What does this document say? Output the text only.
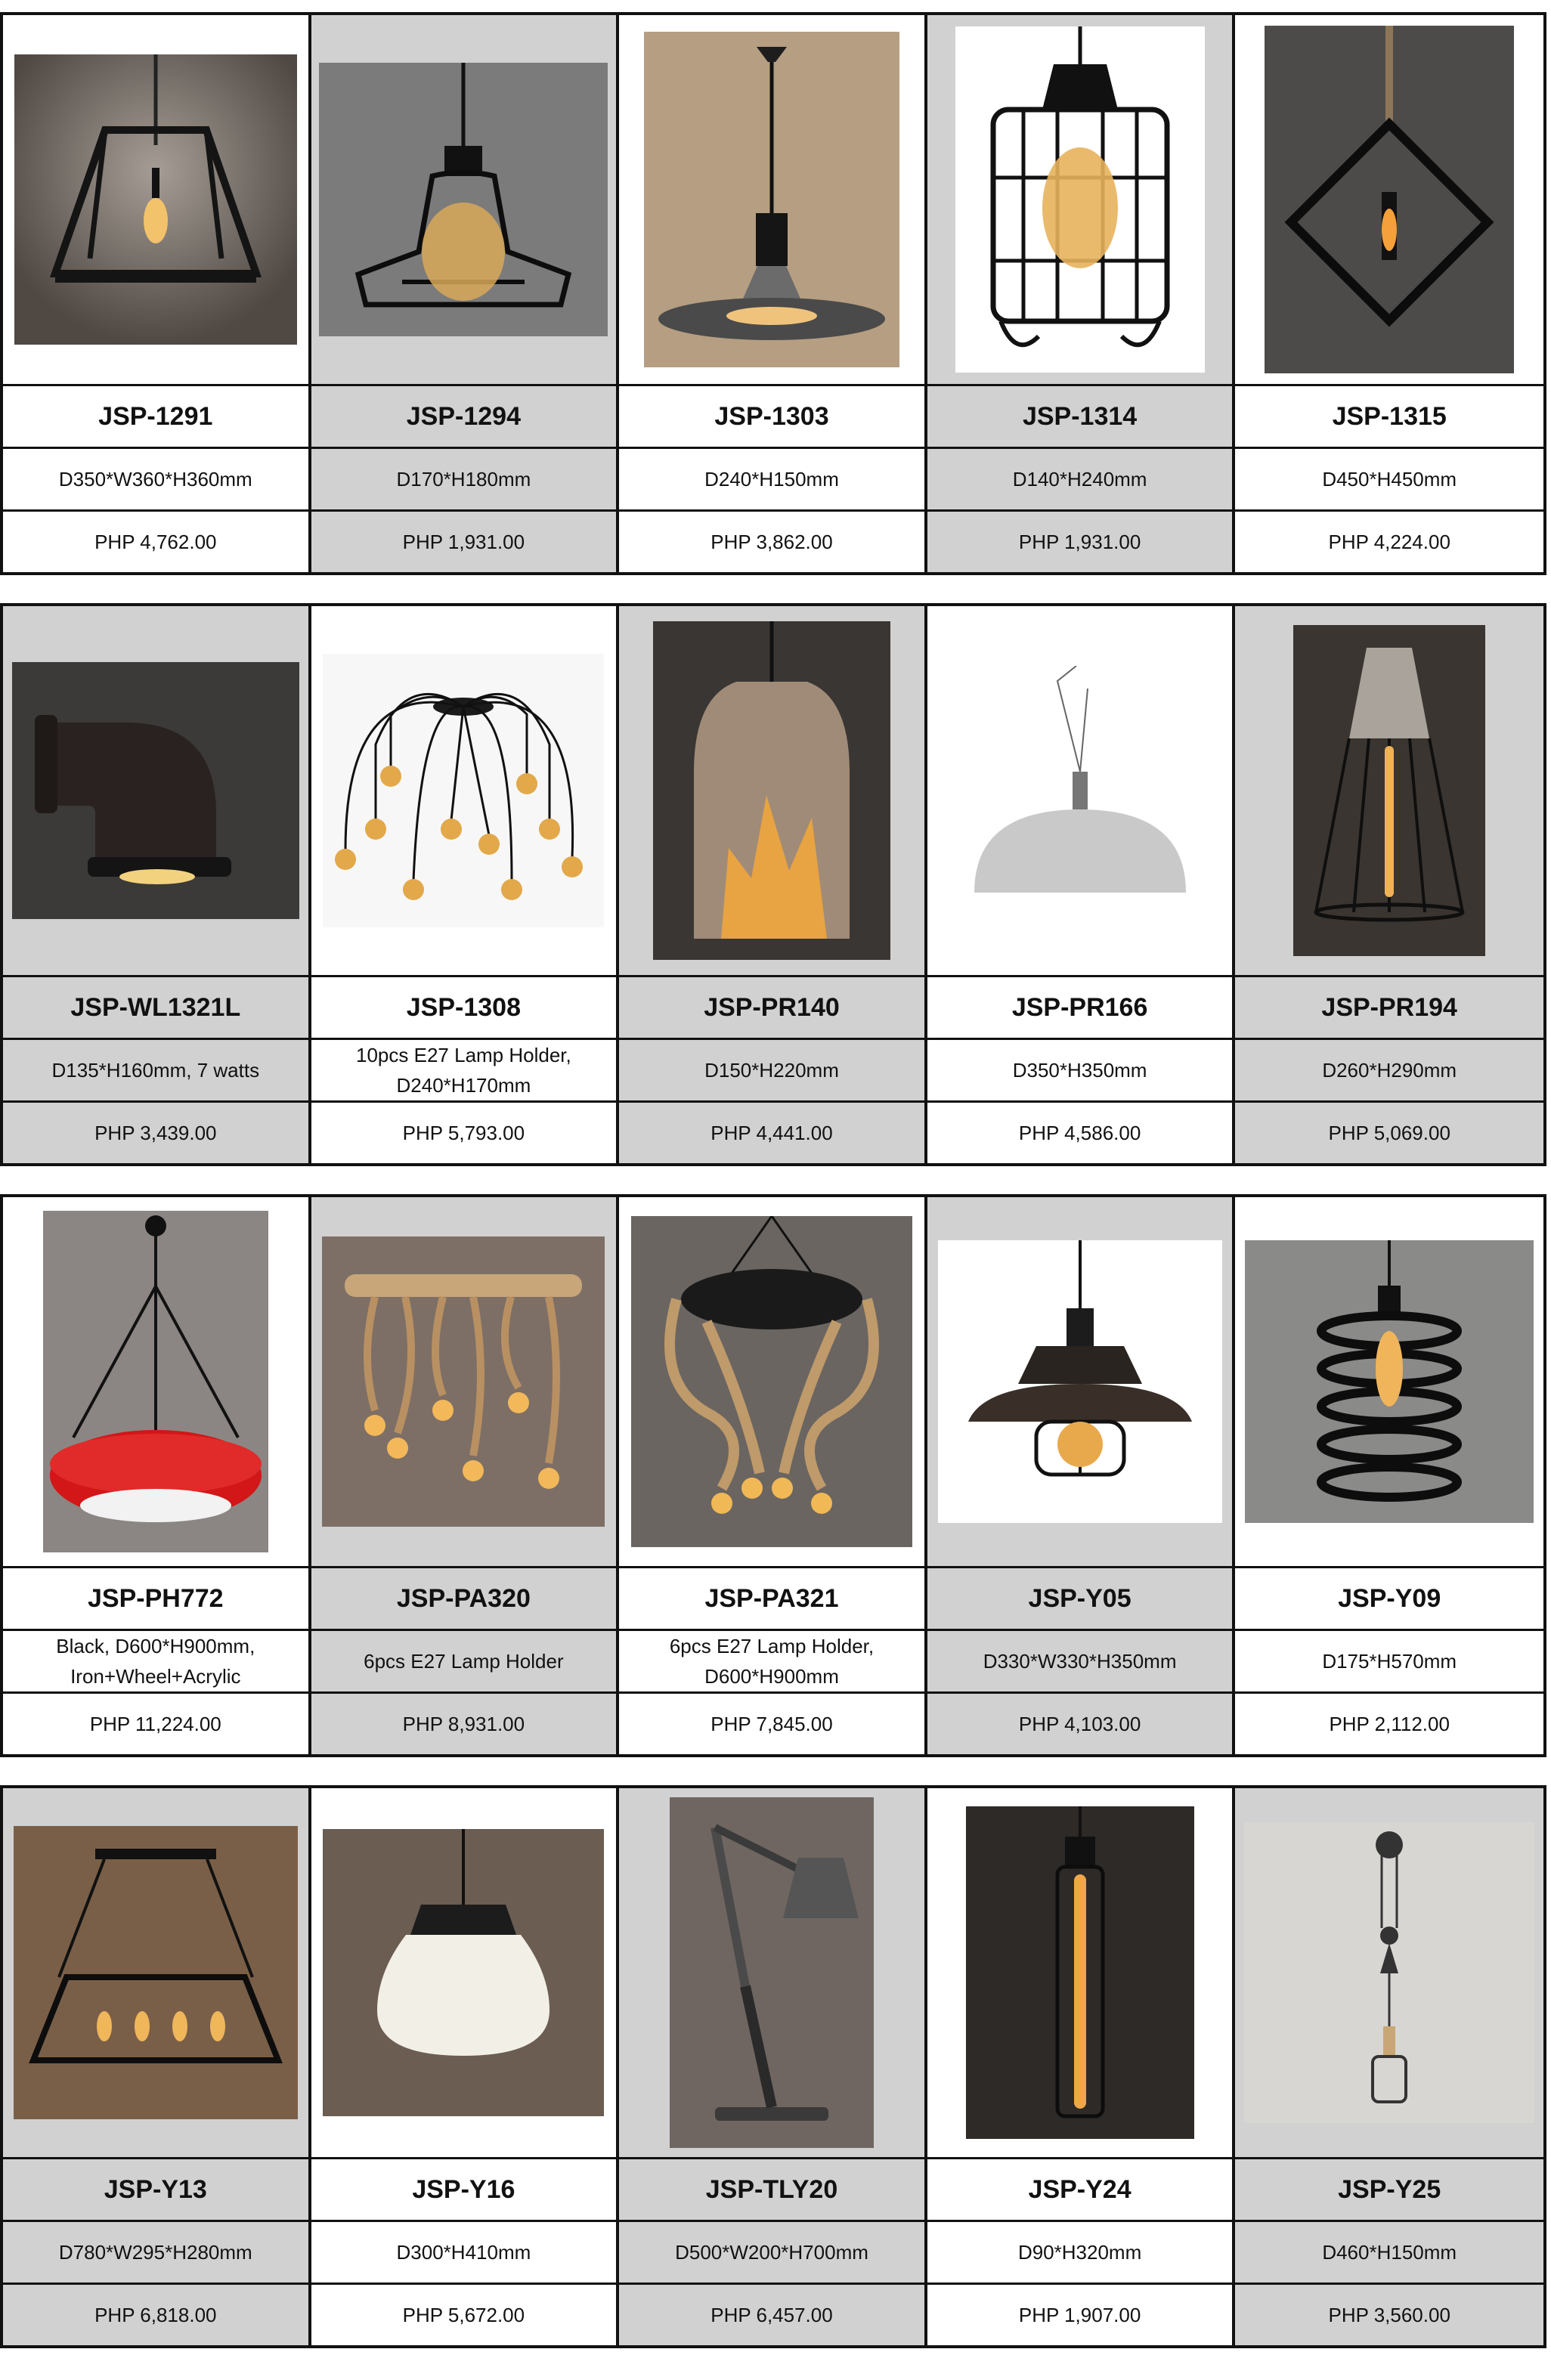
JSP-1291
D350*W360*H360mm
PHP 4,762.00
JSP-1294
D170*H180mm
PHP 1,931.00
JSP-1303
D240*H150mm
PHP 3,862.00
JSP-1314
D140*H240mm
PHP 1,931.00
JSP-1315
D450*H450mm
PHP 4,224.00
JSP-WL1321L
D135*H160mm, 7 watts
PHP 3,439.00
JSP-1308
10pcs E27 Lamp Holder, D240*H170mm
PHP 5,793.00
JSP-PR140
D150*H220mm
PHP 4,441.00
JSP-PR166
D350*H350mm
PHP 4,586.00
JSP-PR194
D260*H290mm
PHP 5,069.00
JSP-PH772
Black, D600*H900mm, Iron+Wheel+Acrylic
PHP 11,224.00
JSP-PA320
6pcs E27 Lamp Holder
PHP 8,931.00
JSP-PA321
6pcs E27 Lamp Holder, D600*H900mm
PHP 7,845.00
JSP-Y05
D330*W330*H350mm
PHP 4,103.00
JSP-Y09
D175*H570mm
PHP 2,112.00
JSP-Y13
D780*W295*H280mm
PHP 6,818.00
JSP-Y16
D300*H410mm
PHP 5,672.00
JSP-TLY20
D500*W200*H700mm
PHP 6,457.00
JSP-Y24
D90*H320mm
PHP 1,907.00
JSP-Y25
D460*H150mm
PHP 3,560.00
